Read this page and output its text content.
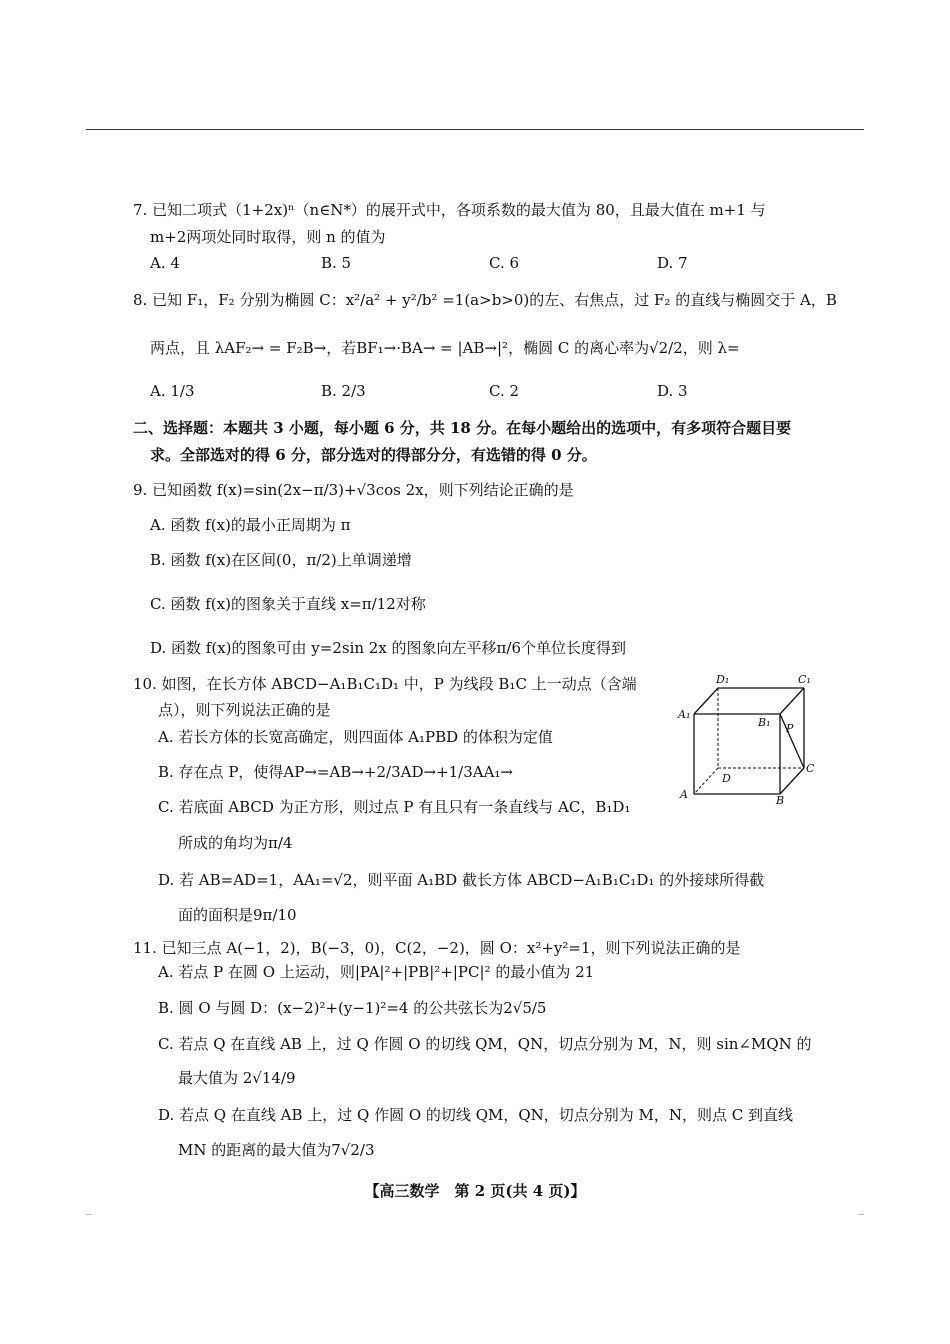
7. 已知二项式（1+2x)ⁿ（n∈N*）的展开式中，各项系数的最大值为 80，且最大值在 m+1 与
m+2两项处同时取得，则 n 的值为
A. 4	B. 5	C. 6	D. 7
8. 已知 F₁，F₂ 分别为椭圆 C：x²/a² + y²/b² =1(a>b>0)的左、右焦点，过 F₂ 的直线与椭圆交于 A，B
两点，且 λAF₂→ = F₂B→，若BF₁→·BA→ = |AB→|²，椭圆 C 的离心率为√2/2，则 λ=
A. 1/3	B. 2/3	C. 2	D. 3
二、选择题：本题共 3 小题，每小题 6 分，共 18 分。在每小题给出的选项中，有多项符合题目要
求。全部选对的得 6 分，部分选对的得部分分，有选错的得 0 分。
9. 已知函数 f(x)=sin(2x−π/3)+√3cos 2x，则下列结论正确的是
A. 函数 f(x)的最小正周期为 π
B. 函数 f(x)在区间(0，π/2)上单调递增
C. 函数 f(x)的图象关于直线 x=π/12对称
D. 函数 f(x)的图象可由 y=2sin 2x 的图象向左平移π/6个单位长度得到
10. 如图，在长方体 ABCD−A₁B₁C₁D₁ 中，P 为线段 B₁C 上一动点（含端
点），则下列说法正确的是
A. 若长方体的长宽高确定，则四面体 A₁PBD 的体积为定值
B. 存在点 P，使得AP→=AB→+2/3AD→+1/3AA₁→
C. 若底面 ABCD 为正方形，则过点 P 有且只有一条直线与 AC，B₁D₁
所成的角均为π/4
D. 若 AB=AD=1，AA₁=√2，则平面 A₁BD 截长方体 ABCD−A₁B₁C₁D₁ 的外接球所得截
面的面积是9π/10
D₁	C₁
A₁
B₁ P
D
C
A	B
11. 已知三点 A(−1，2)，B(−3，0)，C(2，−2)，圆 O：x²+y²=1，则下列说法正确的是
A. 若点 P 在圆 O 上运动，则|PA|²+|PB|²+|PC|² 的最小值为 21
B. 圆 O 与圆 D：(x−2)²+(y−1)²=4 的公共弦长为2√5/5
C. 若点 Q 在直线 AB 上，过 Q 作圆 O 的切线 QM，QN，切点分别为 M，N，则 sin∠MQN 的
最大值为 2√14/9
D. 若点 Q 在直线 AB 上，过 Q 作圆 O 的切线 QM，QN，切点分别为 M，N，则点 C 到直线
MN 的距离的最大值为7√2/3
【高三数学　第 2 页(共 4 页)】
